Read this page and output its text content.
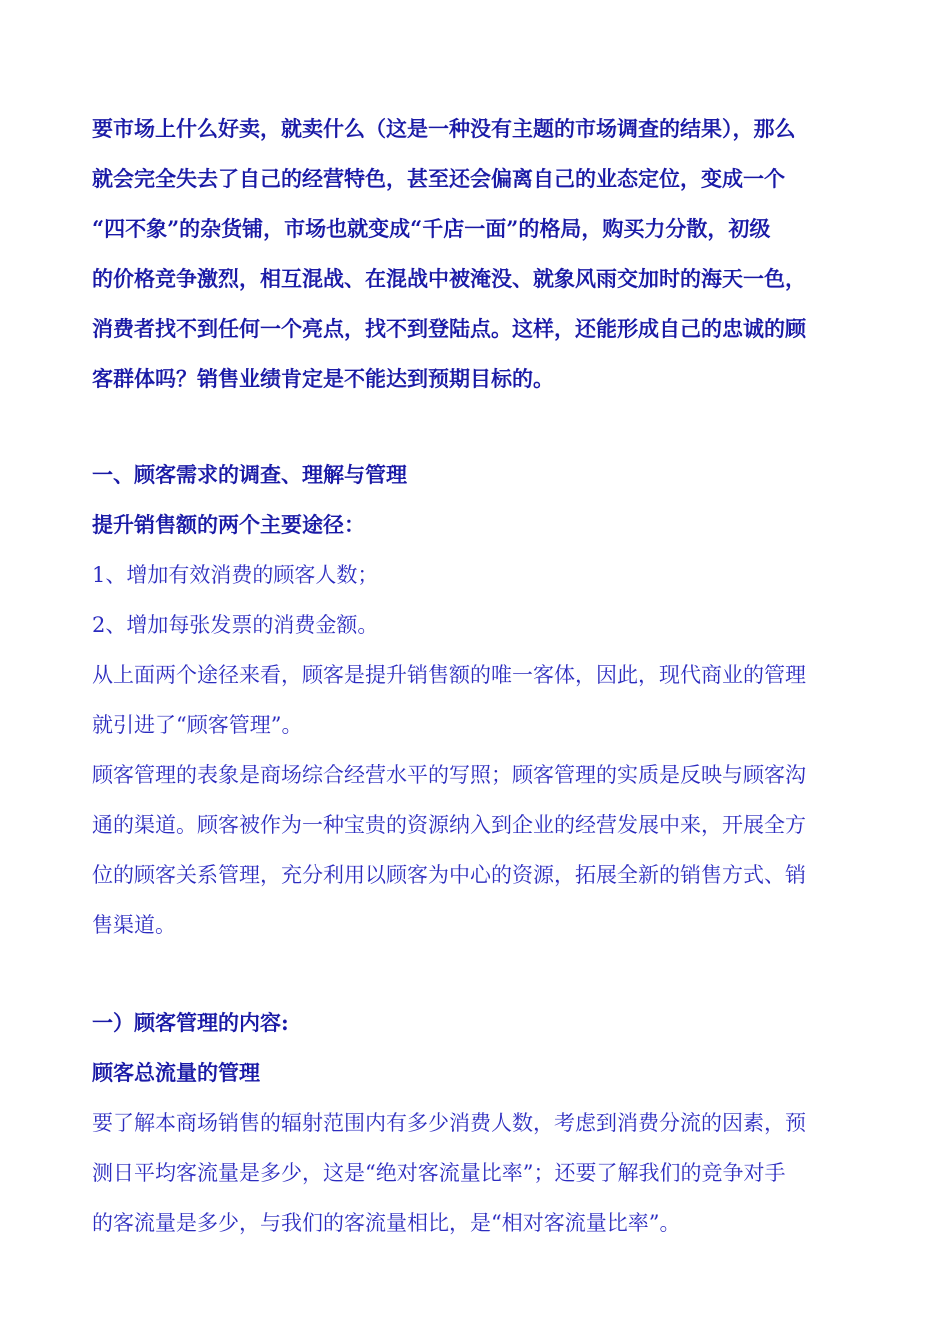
要市场上什么好卖，就卖什么（这是一种没有主题的市场调查的结果），那么
就会完全失去了自己的经营特色，甚至还会偏离自己的业态定位，变成一个
“四不象”的杂货铺，市场也就变成“千店一面”的格局，购买力分散，初级
的价格竞争激烈，相互混战、在混战中被淹没、就象风雨交加时的海天一色，
消费者找不到任何一个亮点，找不到登陆点。这样，还能形成自己的忠诚的顾
客群体吗？销售业绩肯定是不能达到预期目标的。
一、顾客需求的调查、理解与管理
提升销售额的两个主要途径：
1、增加有效消费的顾客人数；
2、增加每张发票的消费金额。
从上面两个途径来看，顾客是提升销售额的唯一客体，因此，现代商业的管理
就引进了“顾客管理”。
顾客管理的表象是商场综合经营水平的写照；顾客管理的实质是反映与顾客沟
通的渠道。顾客被作为一种宝贵的资源纳入到企业的经营发展中来，开展全方
位的顾客关系管理，充分利用以顾客为中心的资源，拓展全新的销售方式、销
售渠道。
一）顾客管理的内容:
顾客总流量的管理
要了解本商场销售的辐射范围内有多少消费人数，考虑到消费分流的因素，预
测日平均客流量是多少，这是“绝对客流量比率”；还要了解我们的竞争对手
的客流量是多少，与我们的客流量相比，是“相对客流量比率”。
